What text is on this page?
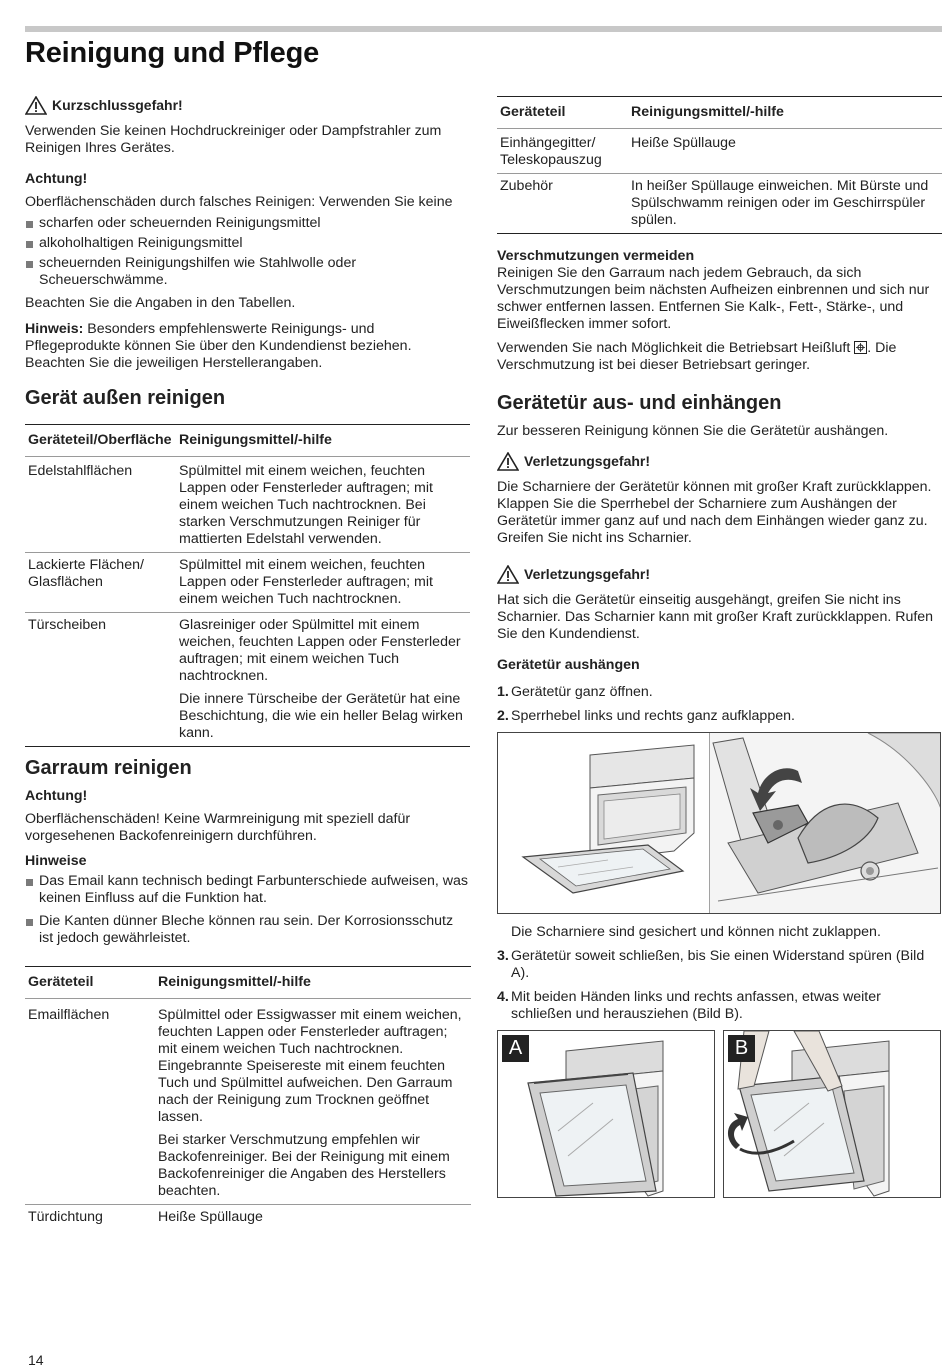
Reinigung und Pflege
Kurzschlussgefahr!

Verwenden Sie keinen Hochdruckreiniger oder Dampfstrahler zum Reinigen Ihres Gerätes.

Achtung!

Oberflächenschäden durch falsches Reinigen: Verwenden Sie keine

scharfen oder scheuernden Reinigungsmittel
alkoholhaltigen Reinigungsmittel
scheuernden Reinigungshilfen wie Stahlwolle oder Scheuerschwämme.

Beachten Sie die Angaben in den Tabellen.

Hinweis: Besonders empfehlenswerte Reinigungs- und Pflegeprodukte können Sie über den Kundendienst beziehen. Beachten Sie die jeweiligen Herstellerangaben.

Gerät außen reinigen
Geräteteil/Oberfläche	Reinigungsmittel/-hilfe
Edelstahlflächen	Spülmittel mit einem weichen, feuchten Lappen oder Fensterleder auftragen; mit einem weichen Tuch nachtrocknen. Bei starken Verschmutzungen Reiniger für mattierten Edelstahl verwenden.

Lackierte Flächen/ Glasflächen	Spülmittel mit einem weichen, feuchten Lappen oder Fensterleder auftragen; mit einem weichen Tuch nachtrocknen.

Türscheiben	Glasreiniger oder Spülmittel mit einem weichen, feuchten Lappen oder Fensterleder auftragen; mit einem weichen Tuch nachtrocknen.

Die innere Türscheibe der Gerätetür hat eine Beschichtung, die wie ein heller Belag wirken kann.

Garraum reinigen

Achtung!

Oberflächenschäden! Keine Warmreinigung mit speziell dafür vorgesehenen Backofenreinigern durchführen.

Hinweise

Das Email kann technisch bedingt Farbunterschiede aufweisen, was keinen Einfluss auf die Funktion hat.
Die Kanten dünner Bleche können rau sein. Der Korrosionsschutz ist jedoch gewährleistet.
Geräteteil	Reinigungsmittel/-hilfe
Emailflächen	Spülmittel oder Essigwasser mit einem weichen, feuchten Lappen oder Fensterleder auftragen; mit einem weichen Tuch nachtrocknen. Eingebrannte Speisereste mit einem feuchten Tuch und Spülmittel aufweichen. Den Garraum nach der Reinigung zum Trocknen geöffnet lassen.

Bei starker Verschmutzung empfehlen wir Backofenreiniger. Bei der Reinigung mit einem Backofenreiniger die Angaben des Herstellers beachten.

Türdichtung	Heiße Spüllauge
Geräteteil	Reinigungsmittel/-hilfe
Einhängegitter/ Teleskopauszug	Heiße Spüllauge
Zubehör	In heißer Spüllauge einweichen. Mit Bürste und Spülschwamm reinigen oder im Geschirrspüler spülen.

Verschmutzungen vermeiden

Reinigen Sie den Garraum nach jedem Gebrauch, da sich Verschmutzungen beim nächsten Aufheizen einbrennen und sich nur schwer entfernen lassen. Entfernen Sie Kalk-, Fett-, Stärke-, und Eiweißflecken immer sofort.

Verwenden Sie nach Möglichkeit die Betriebsart Heißluft . Die Verschmutzung ist bei dieser Betriebsart geringer.

Gerätetür aus- und einhängen

Zur besseren Reinigung können Sie die Gerätetür aushängen.

Verletzungsgefahr!

Die Scharniere der Gerätetür können mit großer Kraft zurückklappen. Klappen Sie die Sperrhebel der Scharniere zum Aushängen der Gerätetür immer ganz auf und nach dem Einhängen wieder ganz zu. Greifen Sie nicht ins Scharnier.

Verletzungsgefahr!

Hat sich die Gerätetür einseitig ausgehängt, greifen Sie nicht ins Scharnier. Das Scharnier kann mit großer Kraft zurückklappen. Rufen Sie den Kundendienst.

Gerätetür aushängen

1. Gerätetür ganz öffnen.
2. Sperrhebel links und rechts ganz aufklappen.

Die Scharniere sind gesichert und können nicht zuklappen.

3. Gerätetür soweit schließen, bis Sie einen Widerstand spüren (Bild A).
4. Mit beiden Händen links und rechts anfassen, etwas weiter schließen und herausziehen (Bild B).
A	B
14
